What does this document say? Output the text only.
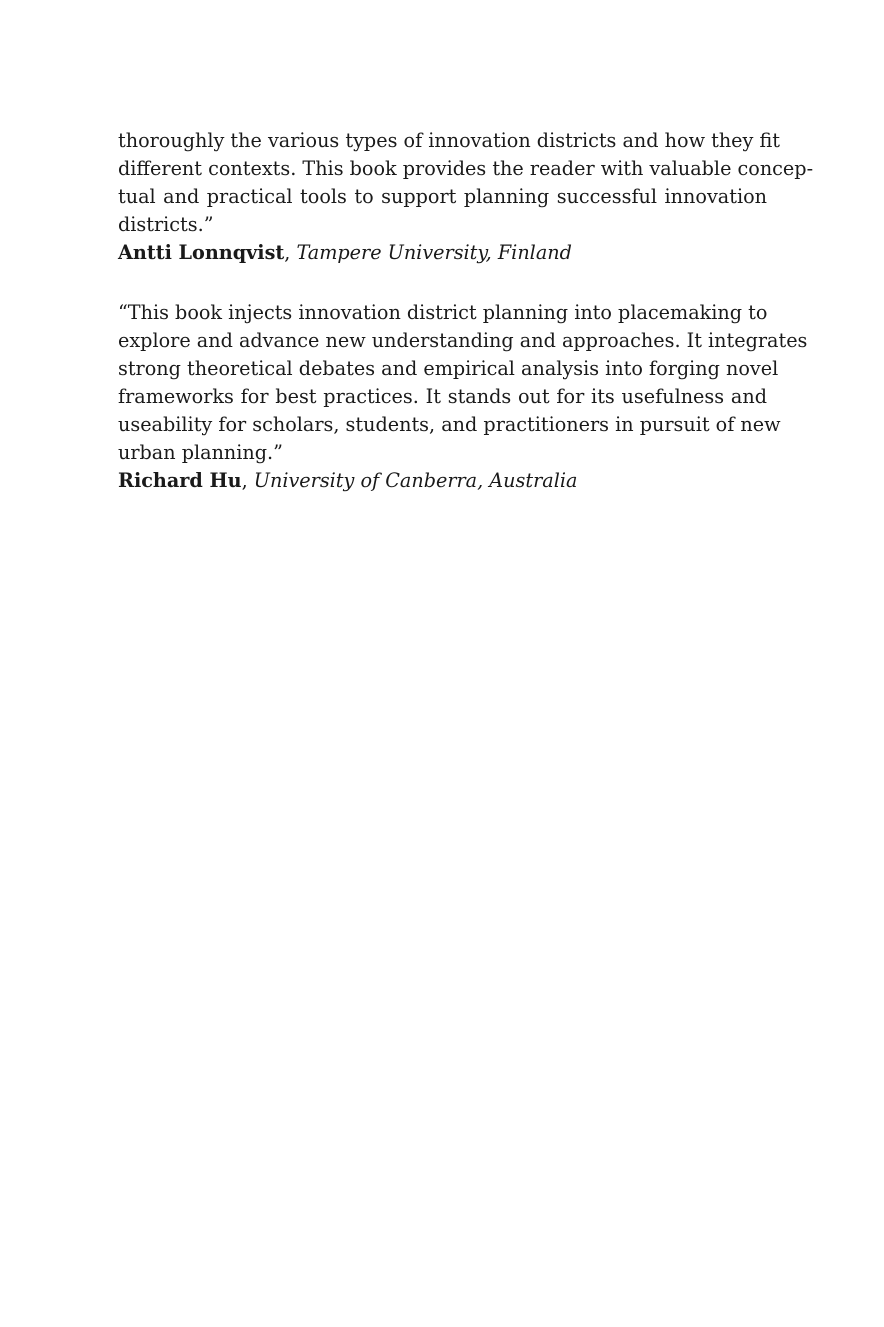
thoroughly the various types of innovation districts and how they fit
different contexts. This book provides the reader with valuable concep-
tual and practical tools to support planning successful innovation
districts.”
Antti Lonnqvist, Tampere University, Finland
“This book injects innovation district planning into placemaking to
explore and advance new understanding and approaches. It integrates
strong theoretical debates and empirical analysis into forging novel
frameworks for best practices. It stands out for its usefulness and
useability for scholars, students, and practitioners in pursuit of new
urban planning.”
Richard Hu, University of Canberra, Australia
